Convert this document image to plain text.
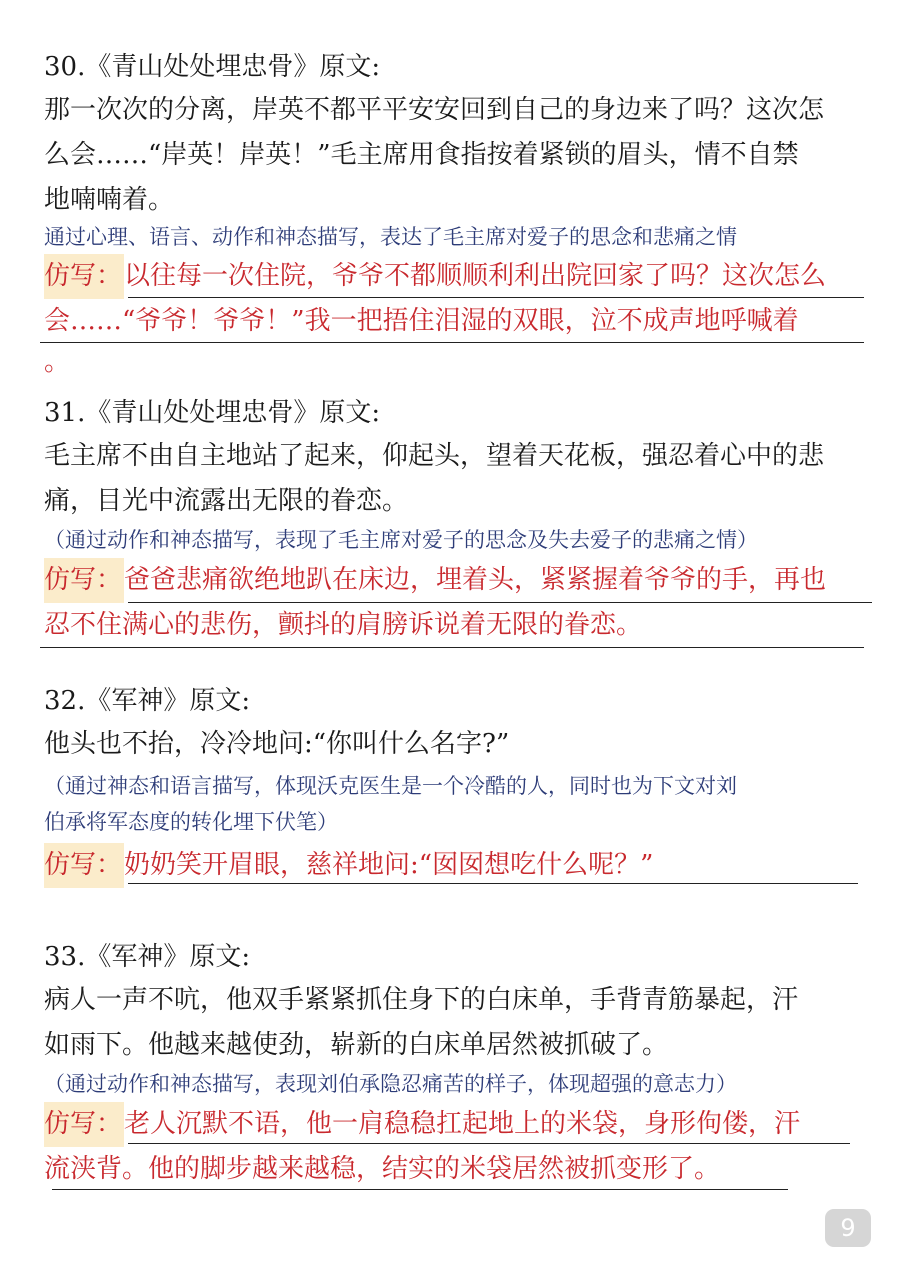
30.《青山处处埋忠骨》原文:
那一次次的分离，岸英不都平平安安回到自己的身边来了吗？这次怎
么会……“岸英！岸英！”毛主席用食指按着紧锁的眉头，情不自禁
地喃喃着。
通过心理、语言、动作和神态描写，表达了毛主席对爱子的思念和悲痛之情
仿写：以往每一次住院，爷爷不都顺顺利利出院回家了吗？这次怎么
会……“爷爷！爷爷！”我一把捂住泪湿的双眼，泣不成声地呼喊着
。
31.《青山处处埋忠骨》原文:
毛主席不由自主地站了起来，仰起头，望着天花板，强忍着心中的悲
痛，目光中流露出无限的眷恋。
（通过动作和神态描写，表现了毛主席对爱子的思念及失去爱子的悲痛之情）
仿写：爸爸悲痛欲绝地趴在床边，埋着头，紧紧握着爷爷的手，再也
忍不住满心的悲伤，颤抖的肩膀诉说着无限的眷恋。
32.《军神》原文:
他头也不抬，冷冷地问:“你叫什么名字?”
（通过神态和语言描写，体现沃克医生是一个冷酷的人，同时也为下文对刘
伯承将军态度的转化埋下伏笔）
仿写：奶奶笑开眉眼，慈祥地问:“囡囡想吃什么呢？”
33.《军神》原文:
病人一声不吭，他双手紧紧抓住身下的白床单，手背青筋暴起，汗
如雨下。他越来越使劲，崭新的白床单居然被抓破了。
（通过动作和神态描写，表现刘伯承隐忍痛苦的样子，体现超强的意志力）
仿写：老人沉默不语，他一肩稳稳扛起地上的米袋，身形佝偻，汗
流浃背。他的脚步越来越稳，结实的米袋居然被抓变形了。
9
